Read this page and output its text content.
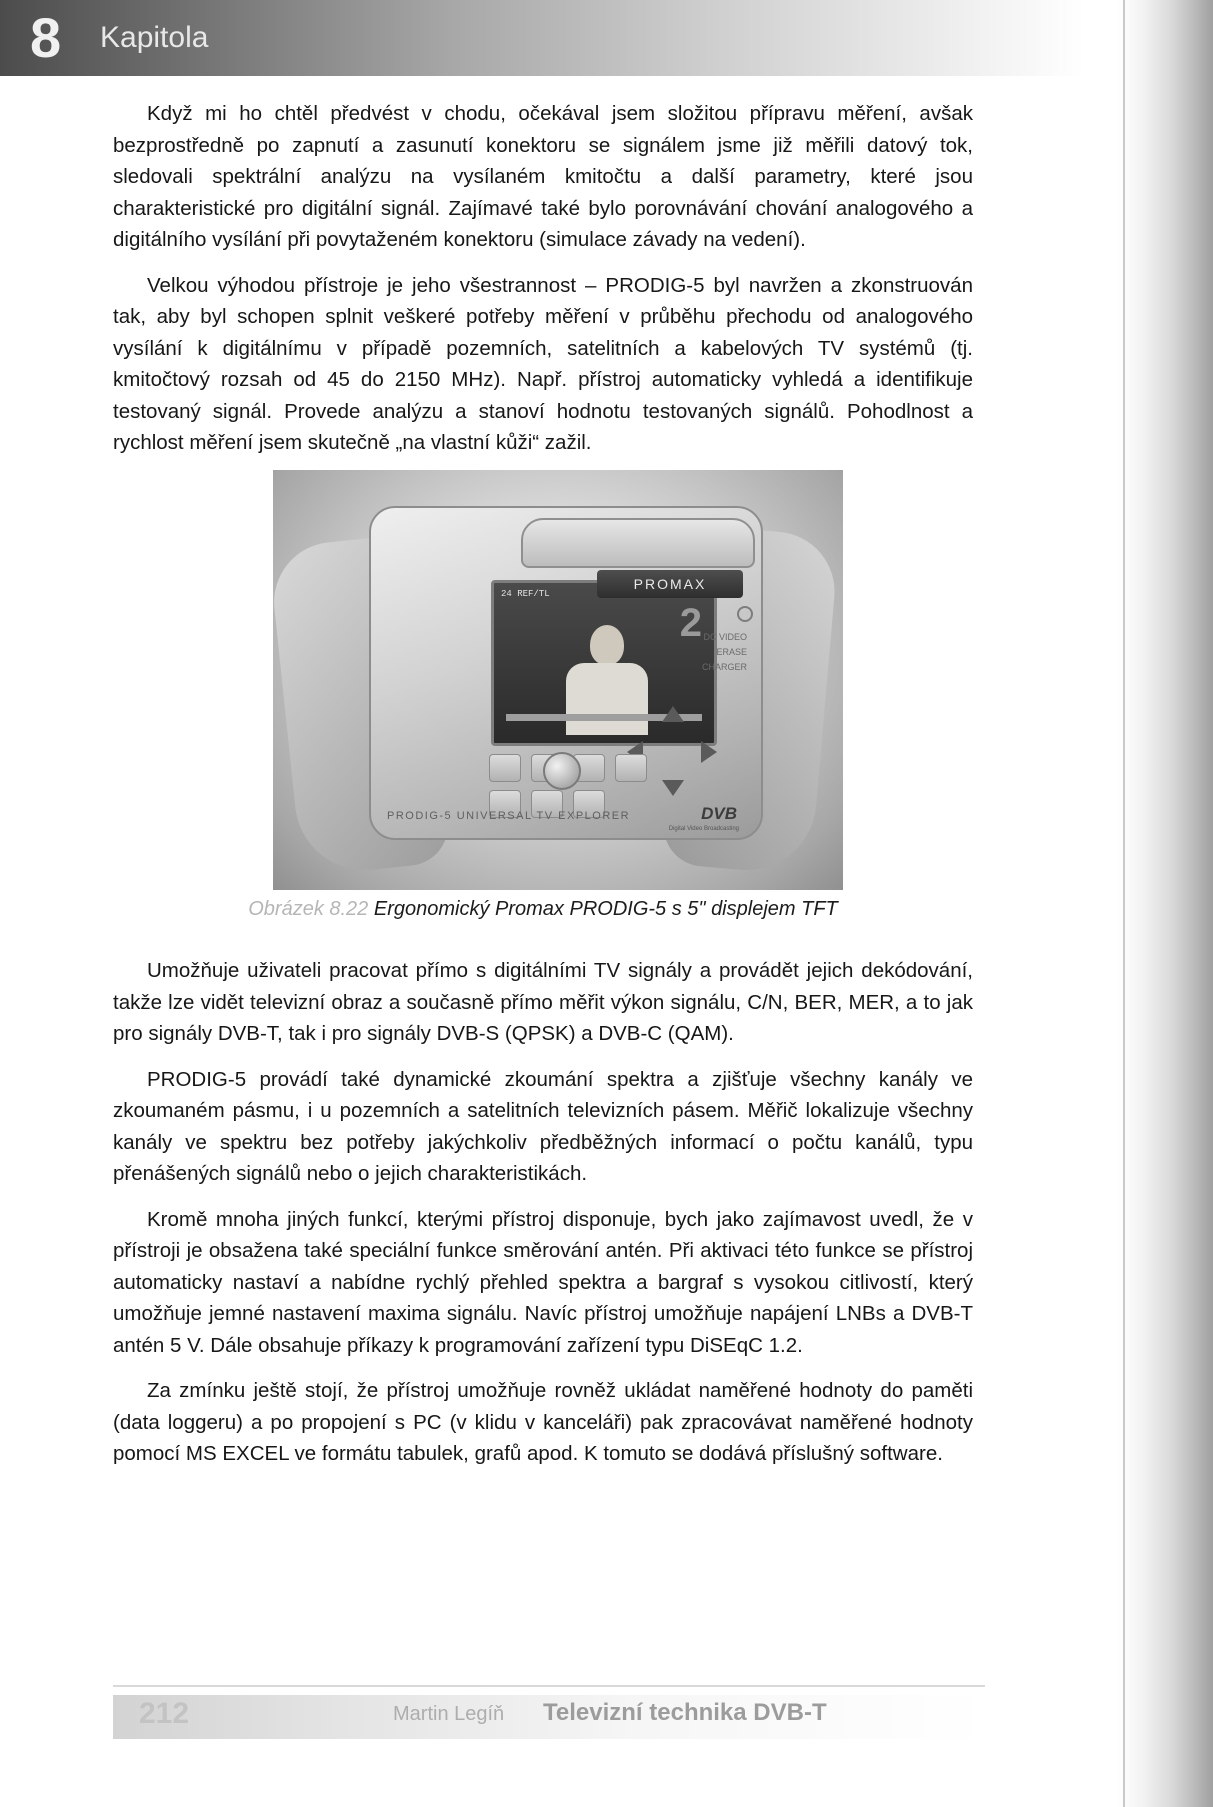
8 Kapitola

Když mi ho chtěl předvést v chodu, očekával jsem složitou přípravu měření, avšak bezprostředně po zapnutí a zasunutí konektoru se signálem jsme již měřili datový tok, sledovali spektrální analýzu na vysílaném kmitočtu a další parametry, které jsou charakteristické pro digitální signál. Zajímavé také bylo porovnávání chování analogového a digitálního vysílání při povytaženém konektoru (simulace závady na vedení).

Velkou výhodou přístroje je jeho všestrannost – PRODIG-5 byl navržen a zkonstruován tak, aby byl schopen splnit veškeré potřeby měření v průběhu přechodu od analogového vysílání k digitálnímu v případě pozemních, satelitních a kabelových TV systémů (tj. kmitočtový rozsah od 45 do 2150 MHz). Např. přístroj automaticky vyhledá a identifikuje testovaný signál. Provede analýzu a stanoví hodnotu testovaných signálů. Pohodlnost a rychlost měření jsem skutečně „na vlastní kůži“ zažil.

24 REF/TL
2
PROMAX
DC VIDEO
ERASE
CHARGER
PRODIG-5 UNIVERSAL TV EXPLORER	DVB
Digital Video Broadcasting
Obrázek 8.22 Ergonomický Promax PRODIG-5 s 5" displejem TFT

Umožňuje uživateli pracovat přímo s digitálními TV signály a provádět jejich dekódování, takže lze vidět televizní obraz a současně přímo měřit výkon signálu, C/N, BER, MER, a to jak pro signály DVB-T, tak i pro signály DVB-S (QPSK) a DVB-C (QAM).

PRODIG-5 provádí také dynamické zkoumání spektra a zjišťuje všechny kanály ve zkoumaném pásmu, i u pozemních a satelitních televizních pásem. Měřič lokalizuje všechny kanály ve spektru bez potřeby jakýchkoliv předběžných informací o počtu kanálů, typu přenášených signálů nebo o jejich charakteristikách.

Kromě mnoha jiných funkcí, kterými přístroj disponuje, bych jako zajímavost uvedl, že v přístroji je obsažena také speciální funkce směrování antén. Při aktivaci této funkce se přístroj automaticky nastaví a nabídne rychlý přehled spektra a bargraf s vysokou citlivostí, který umožňuje jemné nastavení maxima signálu. Navíc přístroj umožňuje napájení LNBs a DVB-T antén 5 V. Dále obsahuje příkazy k programování zařízení typu DiSEqC 1.2.

Za zmínku ještě stojí, že přístroj umožňuje rovněž ukládat naměřené hodnoty do paměti (data loggeru) a po propojení s PC (v klidu v kanceláři) pak zpracovávat naměřené hodnoty pomocí MS EXCEL ve formátu tabulek, grafů apod. K tomuto se dodává příslušný software.

212	Martin Legíň Televizní technika DVB-T
